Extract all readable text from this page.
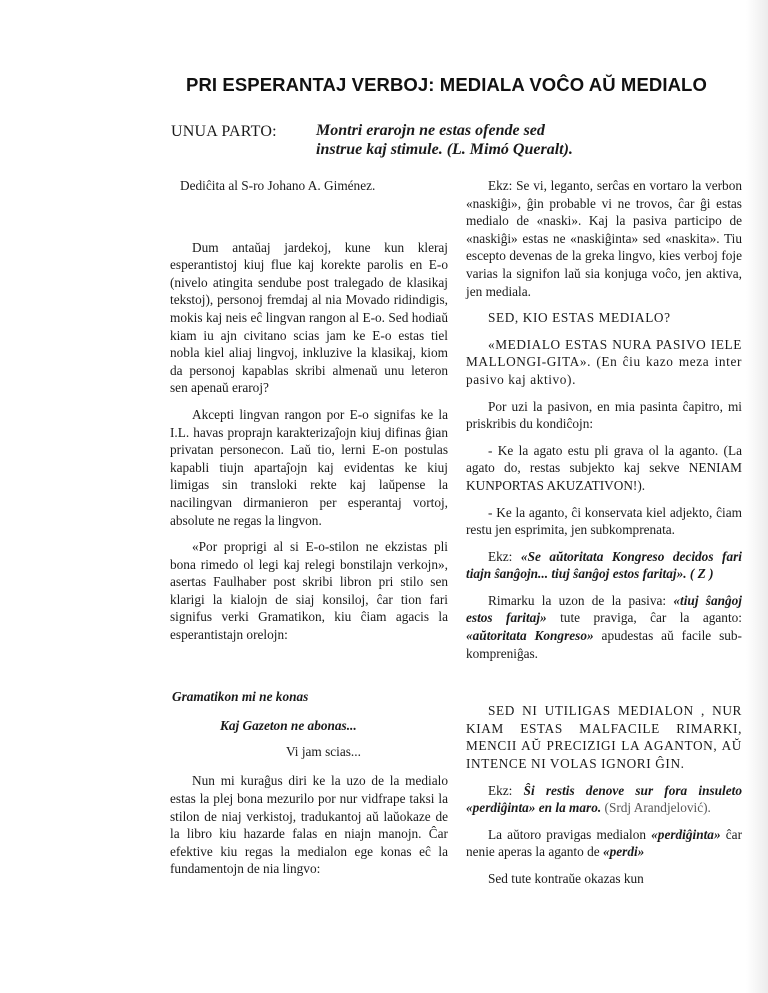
PRI ESPERANTAJ VERBOJ: MEDIALA VOĈO AŬ MEDIALO
UNUA PARTO: Montri erarojn ne estas ofende sed
instrue kaj stimule. (L. Mimó Queralt).

Dediĉita al S-ro Johano A. Giménez.

Dum antaŭaj jardekoj, kune kun kleraj esperantistoj kiuj flue kaj korekte parolis en E-o (nivelo atingita sendube post tralegado de klasikaj tekstoj), personoj fremdaj al nia Movado ridindigis, mokis kaj neis eĉ lingvan rangon al E-o. Sed hodiaŭ kiam iu ajn civitano scias jam ke E-o estas tiel nobla kiel aliaj lingvoj, inkluzive la klasikaj, kiom da personoj kapablas skribi almenaŭ unu leteron sen apenaŭ eraroj?

Akcepti lingvan rangon por E-o signifas ke la I.L. havas proprajn karakterizaĵojn kiuj difinas ĝian privatan personecon. Laŭ tio, lerni E-on postulas kapabli tiujn apartaĵojn kaj evidentas ke kiuj limigas sin transloki rekte kaj laŭpense la nacilingvan dirmanieron per esperantaj vortoj, absolute ne regas la lingvon.

«Por proprigi al si E-o-stilon ne ekzistas pli bona rimedo ol legi kaj relegi bonstilajn verkojn», asertas Faulhaber post skribi libron pri stilo sen klarigi la kialojn de siaj konsiloj, ĉar tion fari signifus verki Gramatikon, kiu ĉiam agacis la esperantistajn orelojn:

Gramatikon mi ne konas
Kaj Gazeton ne abonas...
Vi jam scias...

Nun mi kuraĝus diri ke la uzo de la medialo estas la plej bona mezurilo por nur vidfrape taksi la stilon de niaj verkistoj, tradukantoj aŭ laŭokaze de la libro kiu hazarde falas en niajn manojn. Ĉar efektive kiu regas la medialon ege konas eĉ la fundamentojn de nia lingvo:

Ekz: Se vi, leganto, serĉas en vortaro la verbon «naskiĝi», ĝin probable vi ne trovos, ĉar ĝi estas medialo de «naski». Kaj la pasiva participo de «naskiĝi» estas ne «naskiĝinta» sed «naskita». Tiu escepto devenas de la greka lingvo, kies verboj foje varias la signifon laŭ sia konjuga voĉo, jen aktiva, jen mediala.

SED, KIO ESTAS MEDIALO?

«MEDIALO ESTAS NURA PASIVO IELE MALLONGI-GITA». (En ĉiu kazo meza inter pasivo kaj aktivo).

Por uzi la pasivon, en mia pasinta ĉapitro, mi priskribis du kondiĉojn:

- Ke la agato estu pli grava ol la aganto. (La agato do, restas subjekto kaj sekve NENIAM KUNPORTAS AKUZATIVON!).

- Ke la aganto, ĉi konservata kiel adjekto, ĉiam restu jen esprimita, jen subkomprenata.

Ekz: «Se aŭtoritata Kongreso decidos fari tiajn ŝanĝojn... tiuj ŝanĝoj estos faritaj». ( Z )

Rimarku la uzon de la pasiva: «tiuj ŝanĝoj estos faritaj» tute praviga, ĉar la aganto: «aŭtoritata Kongreso» apudestas aŭ facile sub-kompreniĝas.

SED NI UTILIGAS MEDIALON , NUR KIAM ESTAS MALFACILE RIMARKI, MENCII AŬ PRECIZIGI LA AGANTON, AŬ INTENCE NI VOLAS IGNORI ĜIN.

Ekz: Ŝi restis denove sur fora insuleto «perdiĝinta» en la maro. (Srdj Arandjelović).

La aŭtoro pravigas medialon «perdiĝinta» ĉar nenie aperas la aganto de «perdi»

Sed tute kontraŭe okazas kun
